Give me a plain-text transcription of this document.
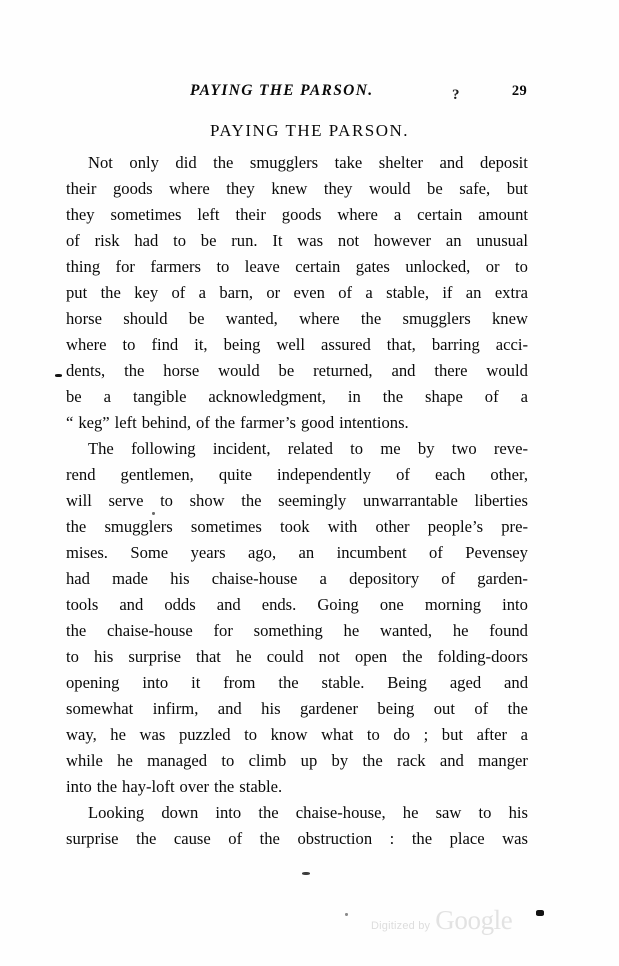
PAYING THE PARSON.	29
?
PAYING THE PARSON.
Not only did the smugglers take shelter and deposit
their goods where they knew they would be safe, but
they sometimes left their goods where a certain amount
of risk had to be run. It was not however an unusual
thing for farmers to leave certain gates unlocked, or to
put the key of a barn, or even of a stable, if an extra
horse should be wanted, where the smugglers knew
where to find it, being well assured that, barring acci-
dents, the horse would be returned, and there would
be a tangible acknowledgment, in the shape of a
“ keg” left behind, of the farmer’s good intentions.
The following incident, related to me by two reve-
rend gentlemen, quite independently of each other,
will serve to show the seemingly unwarrantable liberties
the smugglers sometimes took with other people’s pre-
mises. Some years ago, an incumbent of Pevensey
had made his chaise-house a depository of garden-
tools and odds and ends. Going one morning into
the chaise-house for something he wanted, he found
to his surprise that he could not open the folding-doors
opening into it from the stable. Being aged and
somewhat infirm, and his gardener being out of the
way, he was puzzled to know what to do ; but after a
while he managed to climb up by the rack and manger
into the hay-loft over the stable.
Looking down into the chaise-house, he saw to his
surprise the cause of the obstruction : the place was
Digitized by Google
